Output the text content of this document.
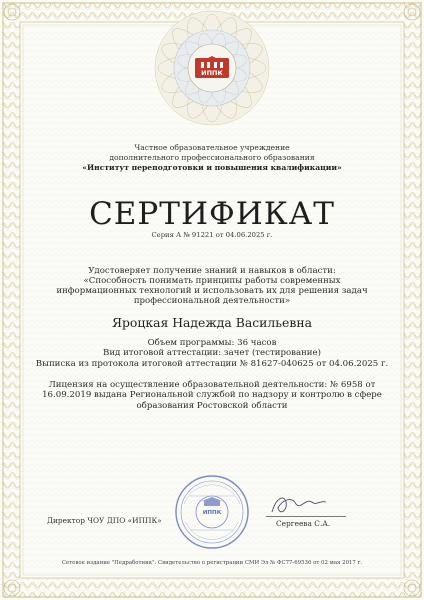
ИППК
Частное образовательное учреждение
дополнительного профессионального образования
«Институт переподготовки и повышения квалификации»
СЕРТИФИКАТ
Серия А № 91221 от 04.06.2025 г.
Удостоверяет получение знаний и навыков в области:
«Способность понимать принципы работы современных информационных технологий и использовать их для решения задач профессиональной деятельности»
Яроцкая Надежда Васильевна
Объем программы: 36 часов
Вид итоговой аттестации: зачет (тестирование)
Выписка из протокола итоговой аттестации № 81627-040625 от 04.06.2025 г.
Лицензия на осуществление образовательной деятельности: № 6958 от 16.09.2019 выдана Региональной службой по надзору и контролю в сфере образования Ростовской области
ИППК
Директор ЧОУ ДПО «ИППК»	Сергеева С.А.
Сетевое издание "Педработник". Свидетельство о регистрации СМИ Эл № ФС77-69536 от 02 мая 2017 г.
